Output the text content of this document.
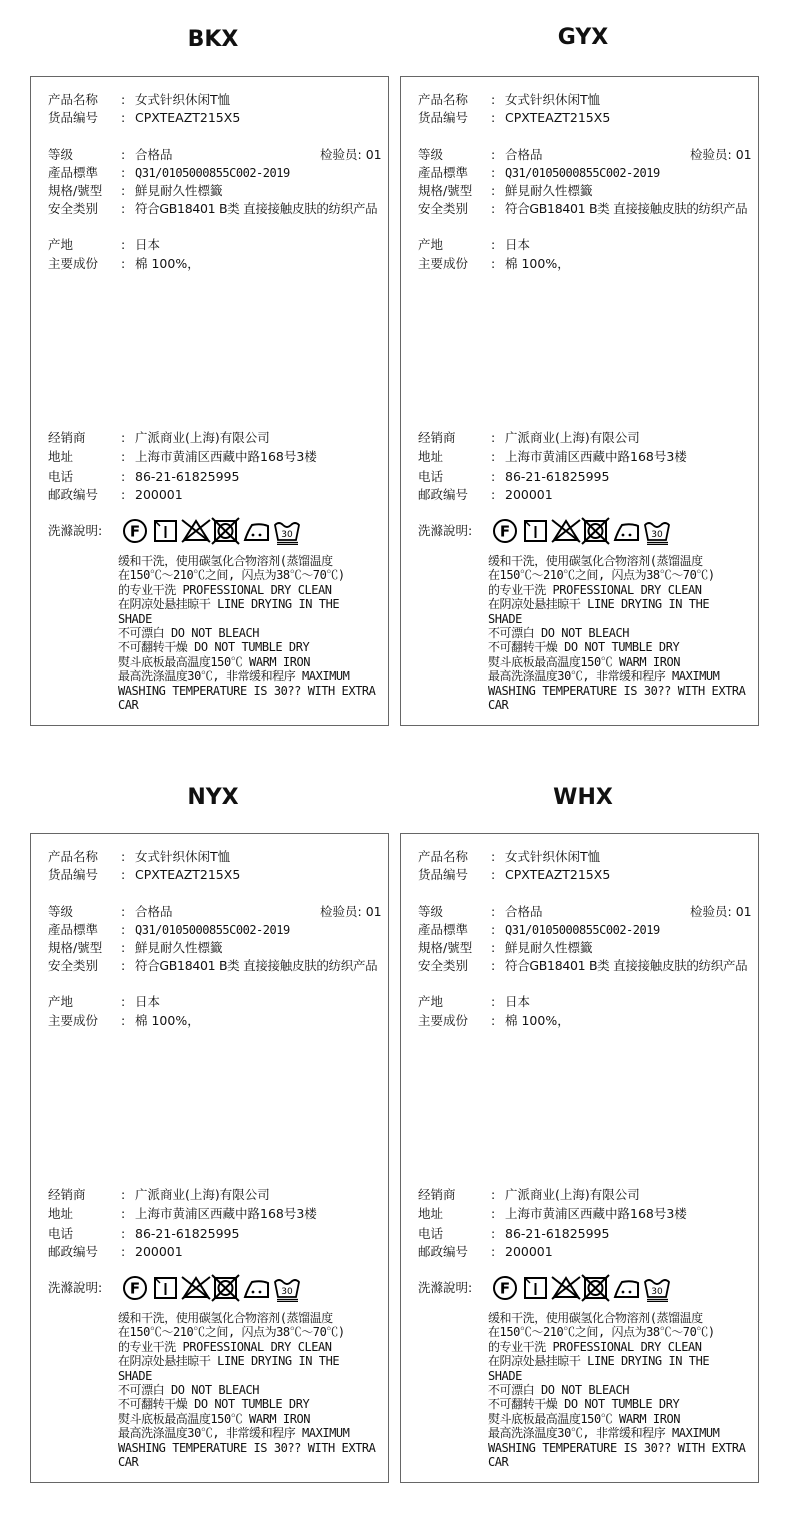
BKX	GYX
NYX	WHX
产品名称 : 女式针织休闲T恤
货品编号 : CPXTEAZT215X5
等级	: 合格品	检验员: 01
產品標準 : Q31/0105000855C002-2019
規格/號型 : 鮮見耐久性標籤
安全类别 : 符合GB18401 B类 直接接触皮肤的纺织产品
产地	: 日本
主要成份 : 棉 100%，
经销商	: 广派商业(上海)有限公司
地址	: 上海市黄浦区西藏中路168号3楼
电话	: 86-21-61825995
邮政编号 : 200001
洗滌說明: F	30
缓和干洗，使用碳氢化合物溶剂(蒸馏温度
在150℃～210℃之间, 闪点为38℃～70℃)
的专业干洗 PROFESSIONAL DRY CLEAN
在阴凉处悬挂晾干 LINE DRYING IN THE
SHADE
不可漂白 DO NOT BLEACH
不可翻转干燥 DO NOT TUMBLE DRY
熨斗底板最高温度150℃ WARM IRON
最高洗涤温度30℃, 非常缓和程序 MAXIMUM
WASHING TEMPERATURE IS 30?? WITH EXTRA
CAR
产品名称 : 女式针织休闲T恤
货品编号 : CPXTEAZT215X5
等级	: 合格品	检验员: 01
產品標準 : Q31/0105000855C002-2019
規格/號型 : 鮮見耐久性標籤
安全类别 : 符合GB18401 B类 直接接触皮肤的纺织产品
产地	: 日本
主要成份 : 棉 100%，
经销商	: 广派商业(上海)有限公司
地址	: 上海市黄浦区西藏中路168号3楼
电话	: 86-21-61825995
邮政编号 : 200001
洗滌說明: F	30
缓和干洗，使用碳氢化合物溶剂(蒸馏温度
在150℃～210℃之间, 闪点为38℃～70℃)
的专业干洗 PROFESSIONAL DRY CLEAN
在阴凉处悬挂晾干 LINE DRYING IN THE
SHADE
不可漂白 DO NOT BLEACH
不可翻转干燥 DO NOT TUMBLE DRY
熨斗底板最高温度150℃ WARM IRON
最高洗涤温度30℃, 非常缓和程序 MAXIMUM
WASHING TEMPERATURE IS 30?? WITH EXTRA
CAR
产品名称 : 女式针织休闲T恤
货品编号 : CPXTEAZT215X5
等级	: 合格品	检验员: 01
產品標準 : Q31/0105000855C002-2019
規格/號型 : 鮮見耐久性標籤
安全类别 : 符合GB18401 B类 直接接触皮肤的纺织产品
产地	: 日本
主要成份 : 棉 100%，
经销商	: 广派商业(上海)有限公司
地址	: 上海市黄浦区西藏中路168号3楼
电话	: 86-21-61825995
邮政编号 : 200001
洗滌說明: F	30
缓和干洗，使用碳氢化合物溶剂(蒸馏温度
在150℃～210℃之间, 闪点为38℃～70℃)
的专业干洗 PROFESSIONAL DRY CLEAN
在阴凉处悬挂晾干 LINE DRYING IN THE
SHADE
不可漂白 DO NOT BLEACH
不可翻转干燥 DO NOT TUMBLE DRY
熨斗底板最高温度150℃ WARM IRON
最高洗涤温度30℃, 非常缓和程序 MAXIMUM
WASHING TEMPERATURE IS 30?? WITH EXTRA
CAR
产品名称 : 女式针织休闲T恤
货品编号 : CPXTEAZT215X5
等级	: 合格品	检验员: 01
產品標準 : Q31/0105000855C002-2019
規格/號型 : 鮮見耐久性標籤
安全类别 : 符合GB18401 B类 直接接触皮肤的纺织产品
产地	: 日本
主要成份 : 棉 100%，
经销商	: 广派商业(上海)有限公司
地址	: 上海市黄浦区西藏中路168号3楼
电话	: 86-21-61825995
邮政编号 : 200001
洗滌說明: F	30
缓和干洗，使用碳氢化合物溶剂(蒸馏温度
在150℃～210℃之间, 闪点为38℃～70℃)
的专业干洗 PROFESSIONAL DRY CLEAN
在阴凉处悬挂晾干 LINE DRYING IN THE
SHADE
不可漂白 DO NOT BLEACH
不可翻转干燥 DO NOT TUMBLE DRY
熨斗底板最高温度150℃ WARM IRON
最高洗涤温度30℃, 非常缓和程序 MAXIMUM
WASHING TEMPERATURE IS 30?? WITH EXTRA
CAR
